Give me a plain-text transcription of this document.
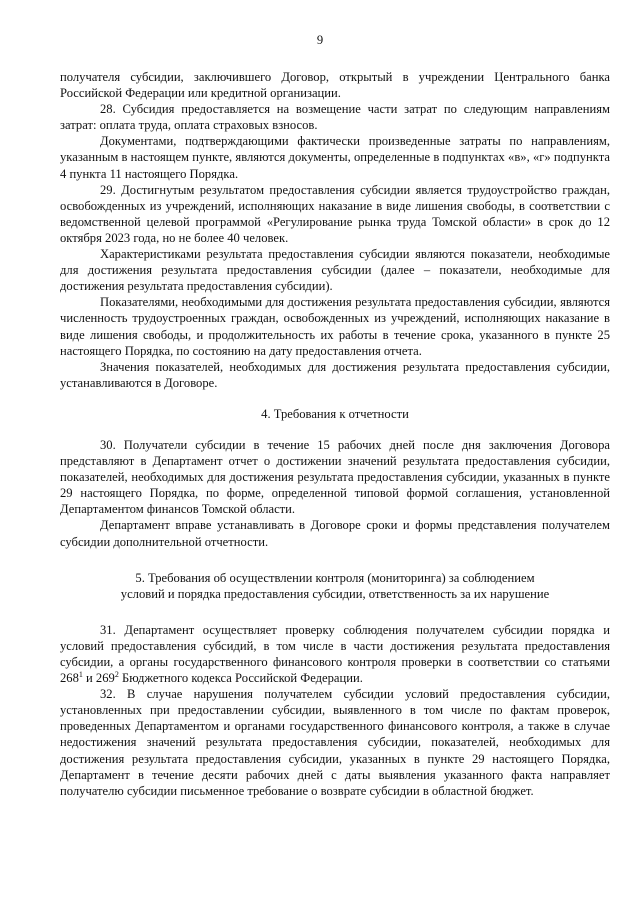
9

получателя субсидии, заключившего Договор, открытый в учреждении Центрального банка Российской Федерации или кредитной организации.

28. Субсидия предоставляется на возмещение части затрат по следующим направлениям затрат: оплата труда, оплата страховых взносов.

Документами, подтверждающими фактически произведенные затраты по направлениям, указанным в настоящем пункте, являются документы, определенные в подпунктах «в», «г» подпункта 4 пункта 11 настоящего Порядка.

29. Достигнутым результатом предоставления субсидии является трудоустройство граждан, освобожденных из учреждений, исполняющих наказание в виде лишения свободы, в соответствии с ведомственной целевой программой «Регулирование рынка труда Томской области» в срок до 12 октября 2023 года, но не более 40 человек.

Характеристиками результата предоставления субсидии являются показатели, необходимые для достижения результата предоставления субсидии (далее – показатели, необходимые для достижения результата предоставления субсидии).

Показателями, необходимыми для достижения результата предоставления субсидии, являются численность трудоустроенных граждан, освобожденных из учреждений, исполняющих наказание в виде лишения свободы, и продолжительность их работы в течение срока, указанного в пункте 25 настоящего Порядка, по состоянию на дату предоставления отчета.

Значения показателей, необходимых для достижения результата предоставления субсидии, устанавливаются в Договоре.

4. Требования к отчетности

30. Получатели субсидии в течение 15 рабочих дней после дня заключения Договора представляют в Департамент отчет о достижении значений результата предоставления субсидии, показателей, необходимых для достижения результата предоставления субсидии, указанных в пункте 29 настоящего Порядка, по форме, определенной типовой формой соглашения, установленной Департаментом финансов Томской области.

Департамент вправе устанавливать в Договоре сроки и формы представления получателем субсидии дополнительной отчетности.

5. Требования об осуществлении контроля (мониторинга) за соблюдением

условий и порядка предоставления субсидии, ответственность за их нарушение

31. Департамент осуществляет проверку соблюдения получателем субсидии порядка и условий предоставления субсидий, в том числе в части достижения результата предоставления субсидии, а органы государственного финансового контроля проверки в соответствии со статьями $268^1$ и $269^2$ Бюджетного кодекса Российской Федерации.

32. В случае нарушения получателем субсидии условий предоставления субсидии, установленных при предоставлении субсидии, выявленного в том числе по фактам проверок, проведенных Департаментом и органами государственного финансового контроля, а также в случае недостижения значений результата предоставления субсидии, показателей, необходимых для достижения результата предоставления субсидии, указанных в пункте 29 настоящего Порядка, Департамент в течение десяти рабочих дней с даты выявления указанного факта направляет получателю субсидии письменное требование о возврате субсидии в областной бюджет.
